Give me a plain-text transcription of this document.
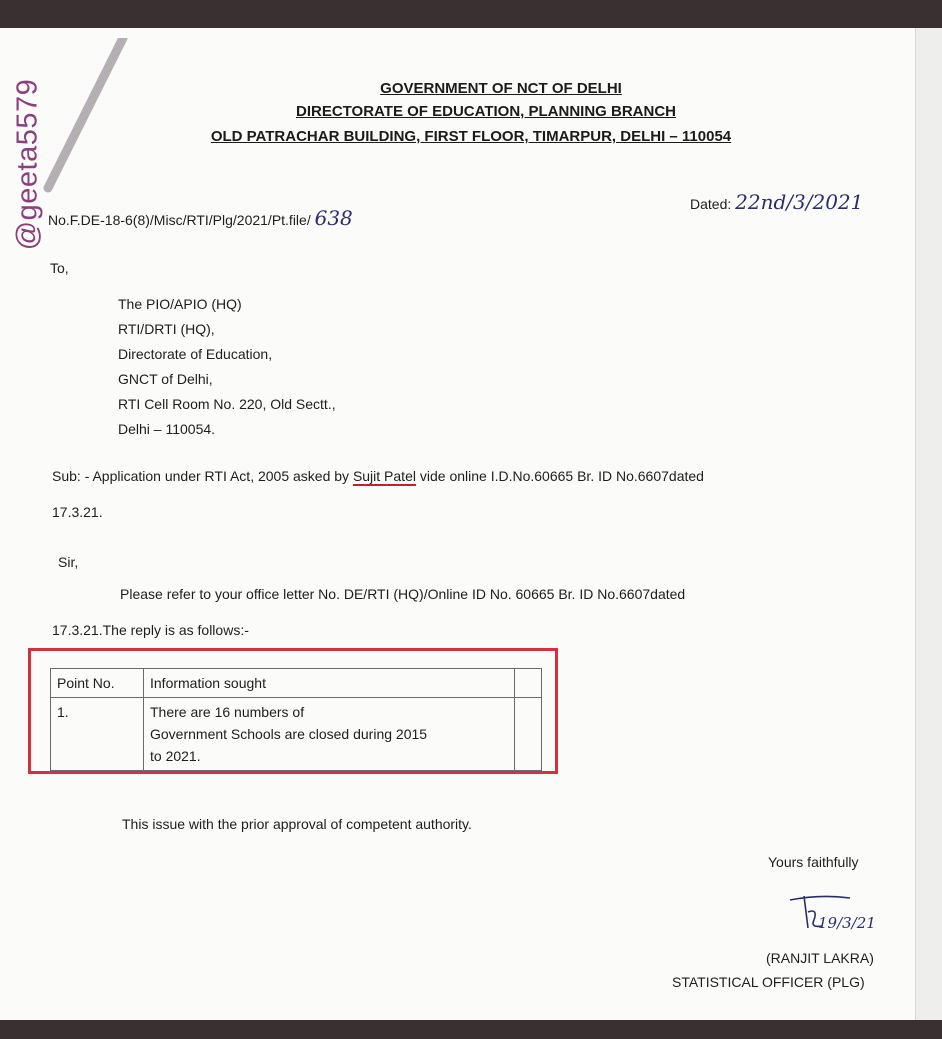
@geeta5579	GOVERNMENT OF NCT OF DELHI
DIRECTORATE OF EDUCATION, PLANNING BRANCH
OLD PATRACHAR BUILDING, FIRST FLOOR, TIMARPUR, DELHI – 110054
No.F.DE-18-6(8)/Misc/RTI/Plg/2021/Pt.file/ 638
Dated: 22nd/3/2021
To,
The PIO/APIO (HQ)
RTI/DRTI (HQ),
Directorate of Education,
GNCT of Delhi,
RTI Cell Room No. 220, Old Sectt.,
Delhi – 110054.
Sub: - Application under RTI Act, 2005 asked by Sujit Patel vide online I.D.No.60665 Br. ID No.6607dated
17.3.21.
Sir,
Please refer to your office letter No. DE/RTI (HQ)/Online ID No. 60665 Br. ID No.6607dated
17.3.21.The reply is as follows:-
Point No.	Information sought	
1.	There are 16 numbers of
Government Schools are closed during 2015
to 2021.	

This issue with the prior approval of competent authority.
Yours faithfully
19/3/21
(RANJIT LAKRA)
STATISTICAL OFFICER (PLG)
